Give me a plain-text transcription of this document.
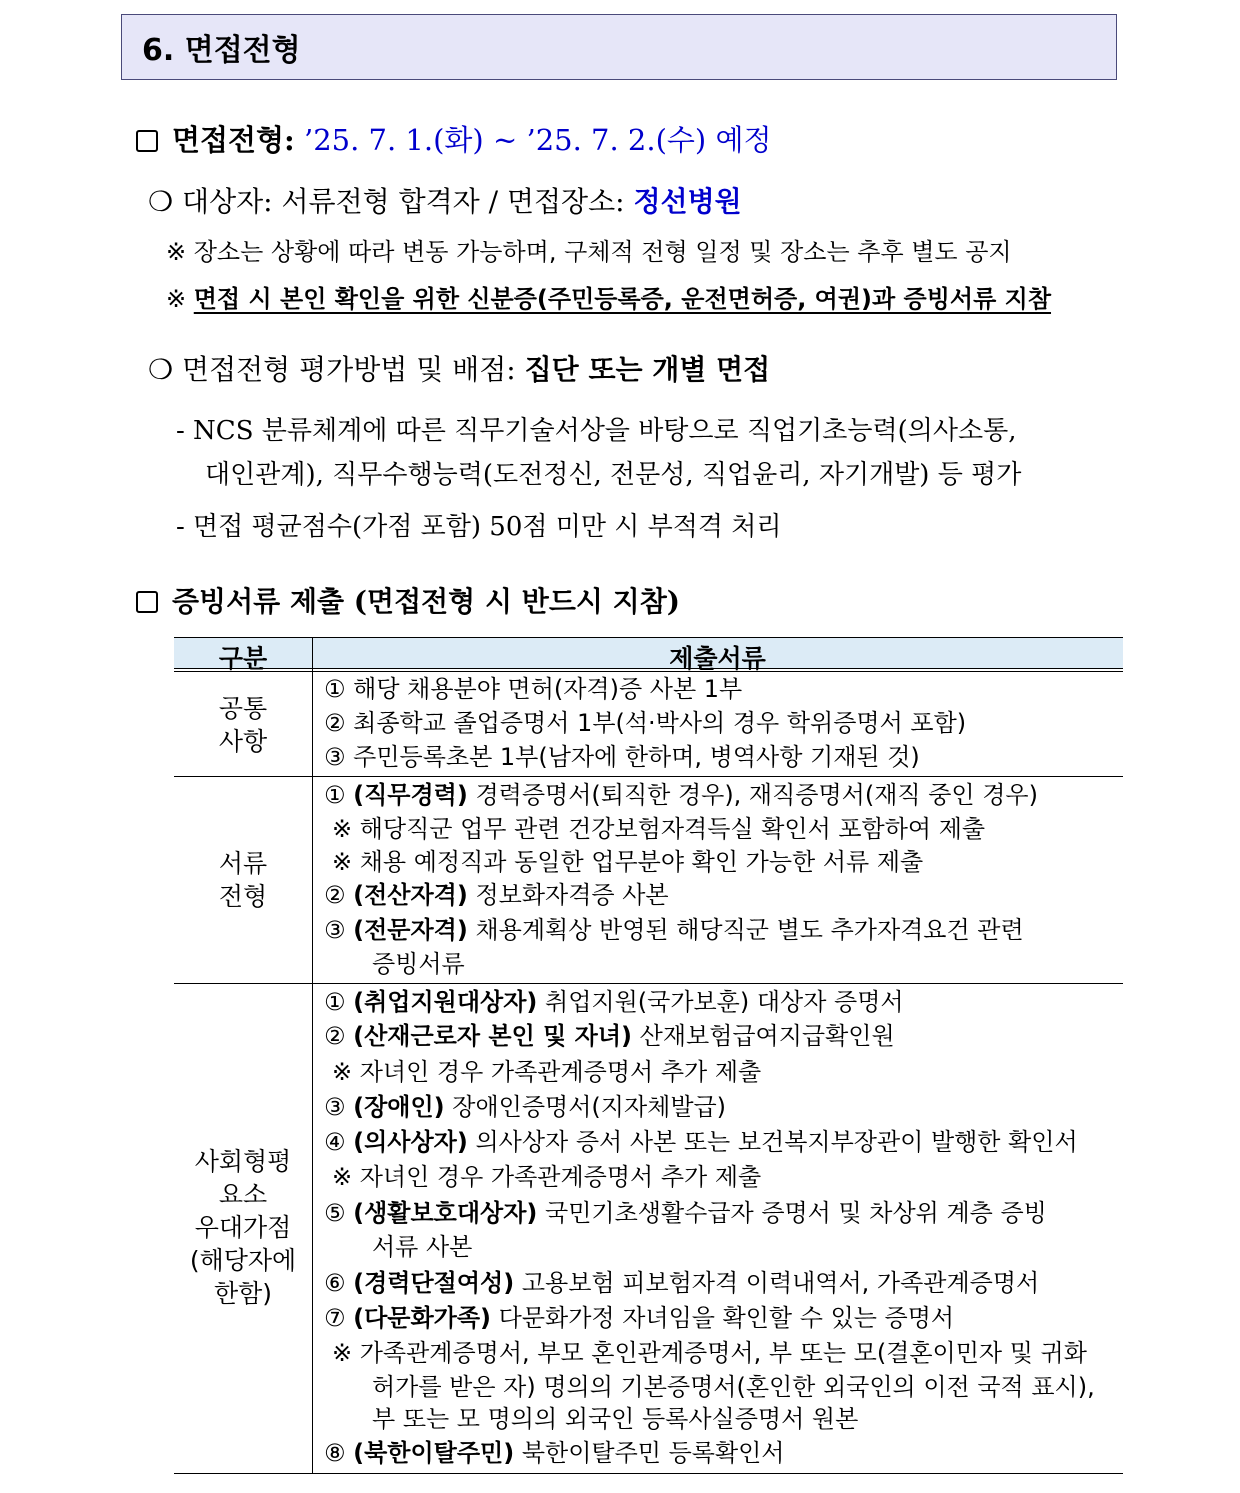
6. 면접전형
면접전형: ’25. 7. 1.(화) ~ ’25. 7. 2.(수) 예정
❍ 대상자: 서류전형 합격자 / 면접장소: 정선병원
※ 장소는 상황에 따라 변동 가능하며, 구체적 전형 일정 및 장소는 추후 별도 공지
※ 면접 시 본인 확인을 위한 신분증(주민등록증, 운전면허증, 여권)과 증빙서류 지참
❍ 면접전형 평가방법 및 배점: 집단 또는 개별 면접
- NCS 분류체계에 따른 직무기술서상을 바탕으로 직업기초능력(의사소통,
대인관계), 직무수행능력(도전정신, 전문성, 직업윤리, 자기개발) 등 평가
- 면접 평균점수(가점 포함) 50점 미만 시 부적격 처리
증빙서류 제출 (면접전형 시 반드시 지참)
구분	제출서류
공통
사항
① 해당 채용분야 면허(자격)증 사본 1부
② 최종학교 졸업증명서 1부(석·박사의 경우 학위증명서 포함)
③ 주민등록초본 1부(남자에 한하며, 병역사항 기재된 것)
서류
전형
① (직무경력) 경력증명서(퇴직한 경우), 재직증명서(재직 중인 경우)
※ 해당직군 업무 관련 건강보험자격득실 확인서 포함하여 제출
※ 채용 예정직과 동일한 업무분야 확인 가능한 서류 제출
② (전산자격) 정보화자격증 사본
③ (전문자격) 채용계획상 반영된 해당직군 별도 추가자격요건 관련
증빙서류
사회형평
요소
우대가점
(해당자에
한함)
① (취업지원대상자) 취업지원(국가보훈) 대상자 증명서
② (산재근로자 본인 및 자녀) 산재보험급여지급확인원
※ 자녀인 경우 가족관계증명서 추가 제출
③ (장애인) 장애인증명서(지자체발급)
④ (의사상자) 의사상자 증서 사본 또는 보건복지부장관이 발행한 확인서
※ 자녀인 경우 가족관계증명서 추가 제출
⑤ (생활보호대상자) 국민기초생활수급자 증명서 및 차상위 계층 증빙
서류 사본
⑥ (경력단절여성) 고용보험 피보험자격 이력내역서, 가족관계증명서
⑦ (다문화가족) 다문화가정 자녀임을 확인할 수 있는 증명서
※ 가족관계증명서, 부모 혼인관계증명서, 부 또는 모(결혼이민자 및 귀화
허가를 받은 자) 명의의 기본증명서(혼인한 외국인의 이전 국적 표시),
부 또는 모 명의의 외국인 등록사실증명서 원본
⑧ (북한이탈주민) 북한이탈주민 등록확인서
